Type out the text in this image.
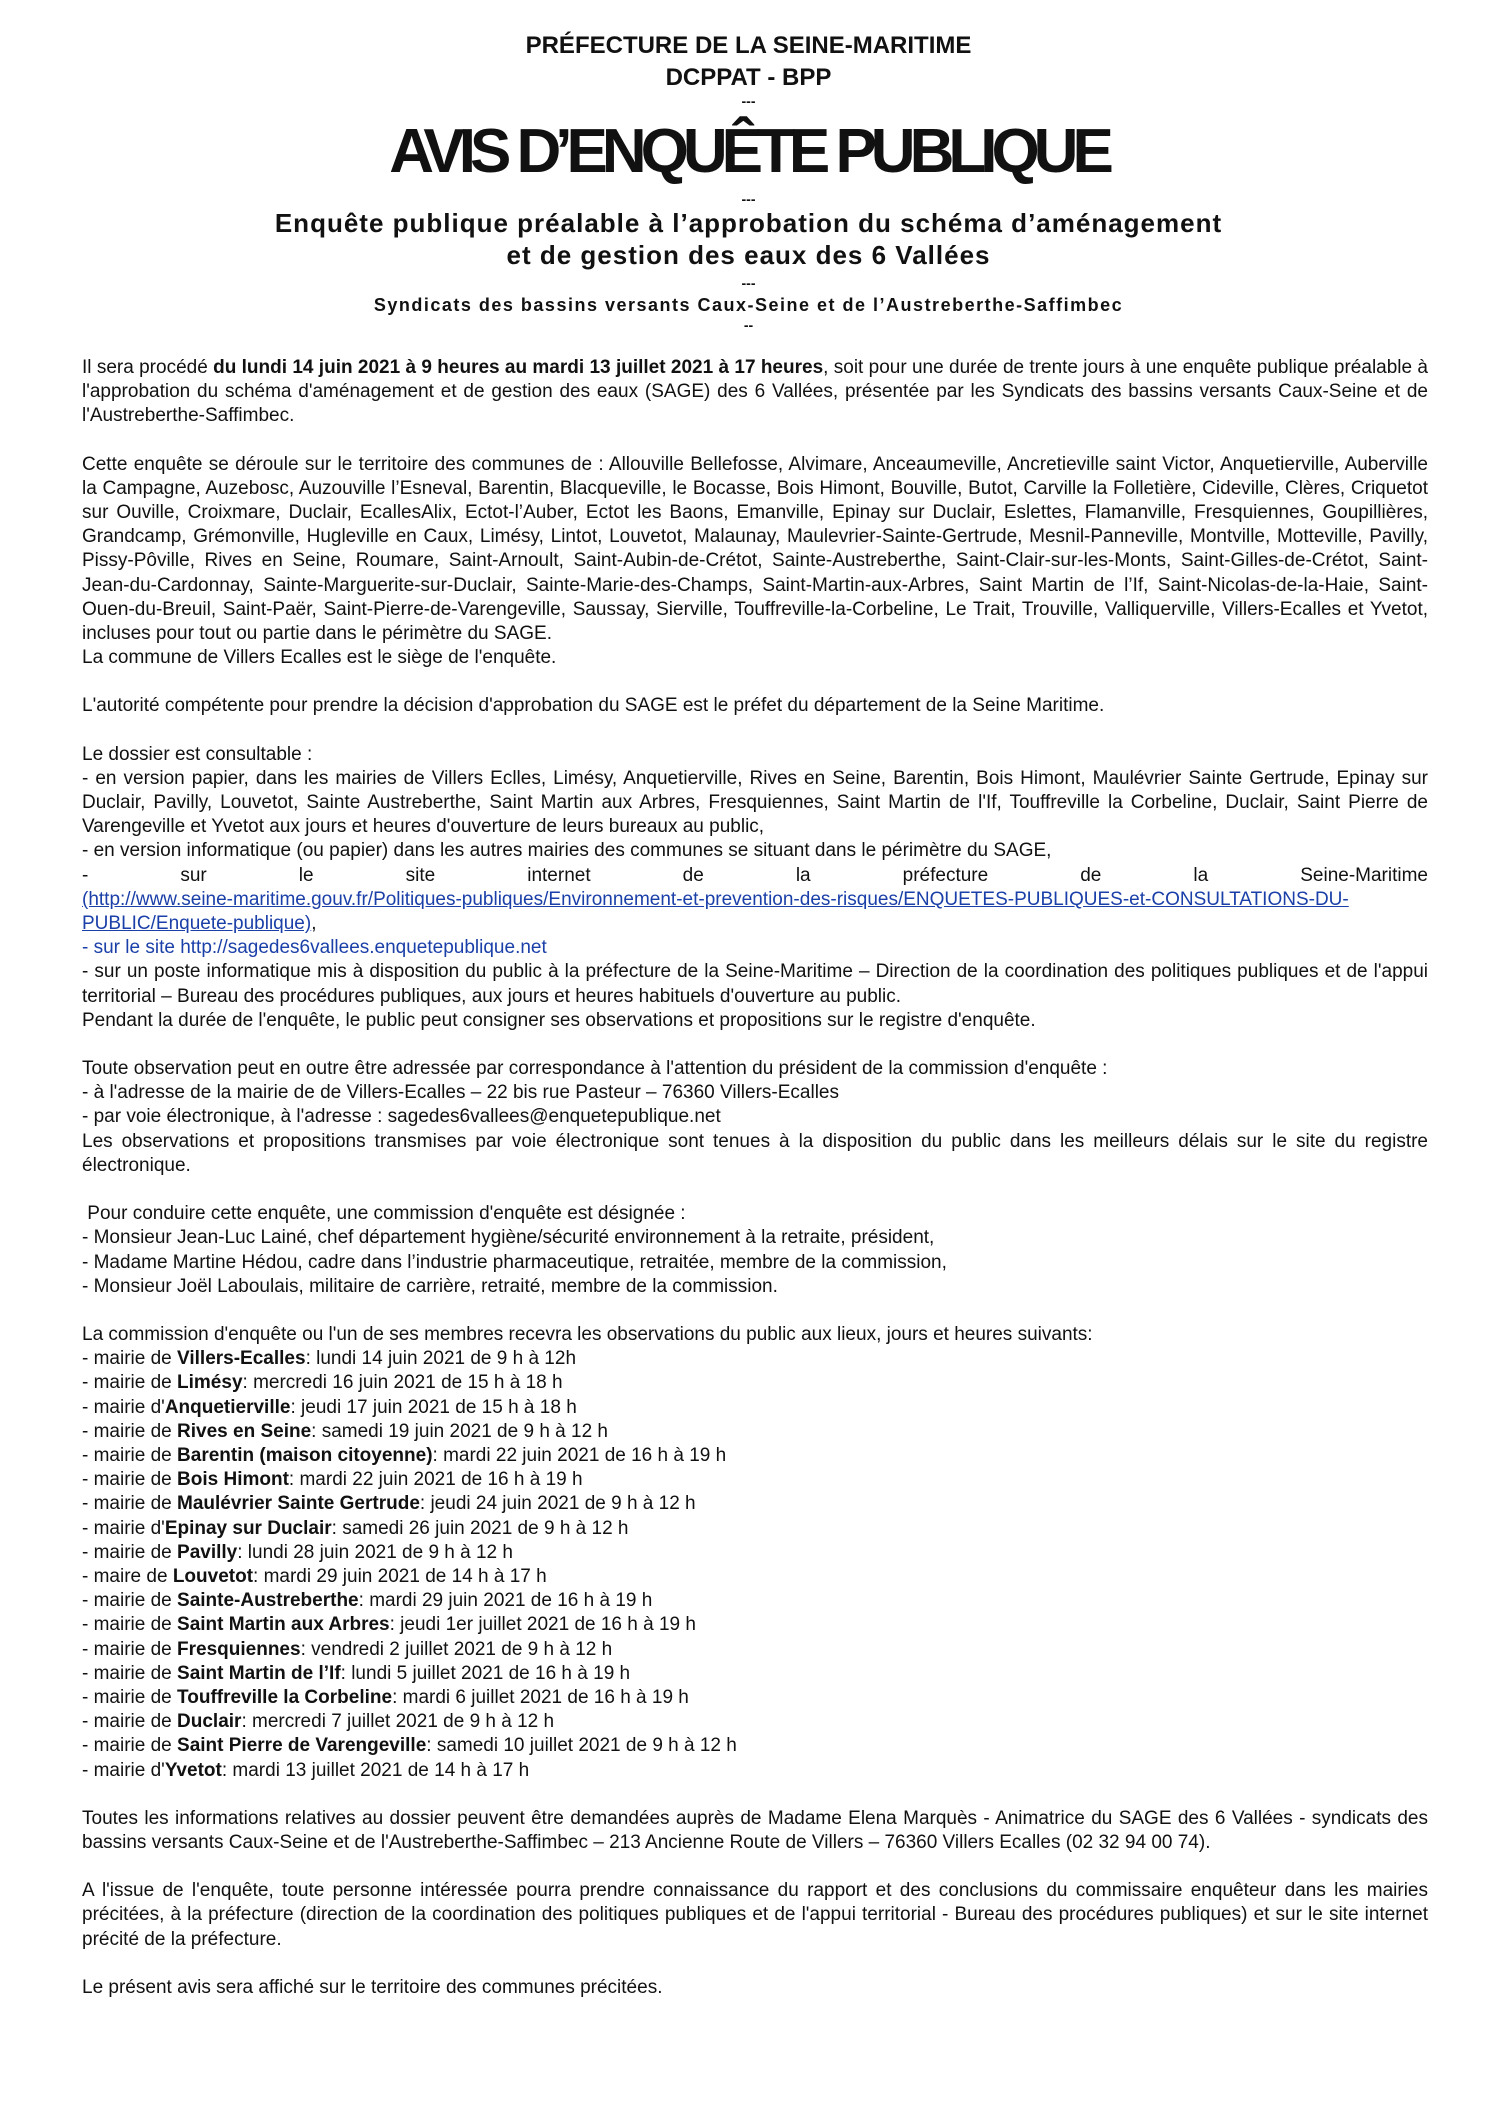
PRÉFECTURE DE LA SEINE-MARITIME
DCPPAT - BPP
---
AVIS D’ENQUÊTE PUBLIQUE
---
Enquête publique préalable à l’approbation du schéma d’aménagement
et de gestion des eaux des 6 Vallées
---
Syndicats des bassins versants Caux-Seine et de l’Austreberthe-Saffimbec
--

Il sera procédé du lundi 14 juin 2021 à 9 heures au mardi 13 juillet 2021 à 17 heures, soit pour une durée de trente jours à une enquête publique préalable à l'approbation du schéma d'aménagement et de gestion des eaux (SAGE) des 6 Vallées, présentée par les Syndicats des bassins versants Caux-Seine et de l'Austreberthe-Saffimbec.

Cette enquête se déroule sur le territoire des communes de : Allouville Bellefosse, Alvimare, Anceaumeville, Ancretieville saint Victor, Anquetierville, Auberville la Campagne, Auzebosc, Auzouville l’Esneval, Barentin, Blacqueville, le Bocasse, Bois Himont, Bouville, Butot, Carville la Folletière, Cideville, Clères, Criquetot sur Ouville, Croixmare, Duclair, EcallesAlix, Ectot-l’Auber, Ectot les Baons, Emanville, Epinay sur Duclair, Eslettes, Flamanville, Fresquiennes, Goupillières, Grandcamp, Grémonville, Hugleville en Caux, Limésy, Lintot, Louvetot, Malaunay, Maulevrier-Sainte-Gertrude, Mesnil-Panneville, Montville, Motteville, Pavilly, Pissy-Pôville, Rives en Seine, Roumare, Saint-Arnoult, Saint-Aubin-de-Crétot, Sainte-Austreberthe, Saint-Clair-sur-les-Monts, Saint-Gilles-de-Crétot, Saint-Jean-du-Cardonnay, Sainte-Marguerite-sur-Duclair, Sainte-Marie-des-Champs, Saint-Martin-aux-Arbres, Saint Martin de l’If, Saint-Nicolas-de-la-Haie, Saint-Ouen-du-Breuil, Saint-Paër, Saint-Pierre-de-Varengeville, Saussay, Sierville, Touffreville-la-Corbeline, Le Trait, Trouville, Valliquerville, Villers-Ecalles et Yvetot, incluses pour tout ou partie dans le périmètre du SAGE.

La commune de Villers Ecalles est le siège de l'enquête.

L'autorité compétente pour prendre la décision d'approbation du SAGE est le préfet du département de la Seine Maritime.

Le dossier est consultable :

- en version papier, dans les mairies de Villers Eclles, Limésy, Anquetierville, Rives en Seine, Barentin, Bois Himont, Maulévrier Sainte Gertrude, Epinay sur Duclair, Pavilly, Louvetot, Sainte Austreberthe, Saint Martin aux Arbres, Fresquiennes, Saint Martin de l'If, Touffreville la Corbeline, Duclair, Saint Pierre de Varengeville et Yvetot aux jours et heures d'ouverture de leurs bureaux au public,

- en version informatique (ou papier) dans les autres mairies des communes se situant dans le périmètre du SAGE,

- sur le site internet de la préfecture de la Seine-Maritime

(http://www.seine-maritime.gouv.fr/Politiques-publiques/Environnement-et-prevention-des-risques/ENQUETES-PUBLIQUES-et-CONSULTATIONS-DU-PUBLIC/Enquete-publique),

- sur le site http://sagedes6vallees.enquetepublique.net

- sur un poste informatique mis à disposition du public à la préfecture de la Seine-Maritime – Direction de la coordination des politiques publiques et de l'appui territorial – Bureau des procédures publiques, aux jours et heures habituels d'ouverture au public.

Pendant la durée de l'enquête, le public peut consigner ses observations et propositions sur le registre d'enquête.

Toute observation peut en outre être adressée par correspondance à l'attention du président de la commission d'enquête :

- à l'adresse de la mairie de de Villers-Ecalles – 22 bis rue Pasteur – 76360 Villers-Ecalles

- par voie électronique, à l'adresse : sagedes6vallees@enquetepublique.net

Les observations et propositions transmises par voie électronique sont tenues à la disposition du public dans les meilleurs délais sur le site du registre électronique.

Pour conduire cette enquête, une commission d'enquête est désignée :

- Monsieur Jean-Luc Lainé, chef département hygiène/sécurité environnement à la retraite, président,

- Madame Martine Hédou, cadre dans l’industrie pharmaceutique, retraitée, membre de la commission,

- Monsieur Joël Laboulais, militaire de carrière, retraité, membre de la commission.

La commission d'enquête ou l'un de ses membres recevra les observations du public aux lieux, jours et heures suivants:

- mairie de Villers-Ecalles: lundi 14 juin 2021 de 9 h à 12h

- mairie de Limésy: mercredi 16 juin 2021 de 15 h à 18 h

- mairie d'Anquetierville: jeudi 17 juin 2021 de 15 h à 18 h

- mairie de Rives en Seine: samedi 19 juin 2021 de 9 h à 12 h

- mairie de Barentin (maison citoyenne): mardi 22 juin 2021 de 16 h à 19 h

- mairie de Bois Himont: mardi 22 juin 2021 de 16 h à 19 h

- mairie de Maulévrier Sainte Gertrude: jeudi 24 juin 2021 de 9 h à 12 h

- mairie d'Epinay sur Duclair: samedi 26 juin 2021 de 9 h à 12 h

- mairie de Pavilly: lundi 28 juin 2021 de 9 h à 12 h

- maire de Louvetot: mardi 29 juin 2021 de 14 h à 17 h

- mairie de Sainte-Austreberthe: mardi 29 juin 2021 de 16 h à 19 h

- mairie de Saint Martin aux Arbres: jeudi 1er juillet 2021 de 16 h à 19 h

- mairie de Fresquiennes: vendredi 2 juillet 2021 de 9 h à 12 h

- mairie de Saint Martin de l’If: lundi 5 juillet 2021 de 16 h à 19 h

- mairie de Touffreville la Corbeline: mardi 6 juillet 2021 de 16 h à 19 h

- mairie de Duclair: mercredi 7 juillet 2021 de 9 h à 12 h

- mairie de Saint Pierre de Varengeville: samedi 10 juillet 2021 de 9 h à 12 h

- mairie d'Yvetot: mardi 13 juillet 2021 de 14 h à 17 h

Toutes les informations relatives au dossier peuvent être demandées auprès de Madame Elena Marquès - Animatrice du SAGE des 6 Vallées - syndicats des bassins versants Caux-Seine et de l'Austreberthe-Saffimbec – 213 Ancienne Route de Villers – 76360 Villers Ecalles (02 32 94 00 74).

A l'issue de l'enquête, toute personne intéressée pourra prendre connaissance du rapport et des conclusions du commissaire enquêteur dans les mairies précitées, à la préfecture (direction de la coordination des politiques publiques et de l'appui territorial - Bureau des procédures publiques) et sur le site internet précité de la préfecture.

Le présent avis sera affiché sur le territoire des communes précitées.
